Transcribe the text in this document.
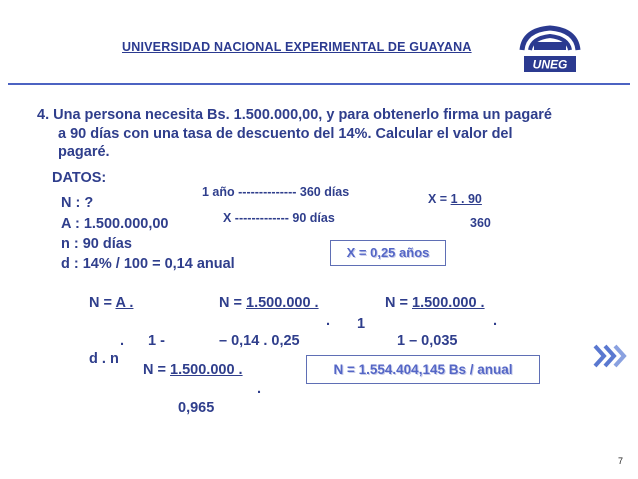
UNIVERSIDAD NACIONAL EXPERIMENTAL DE GUAYANA
UNEG
4. Una persona necesita Bs. 1.500.000,00, y para obtenerlo firma un pagaré

a 90 días con una tasa de descuento del 14%. Calcular el valor del
pagaré.
DATOS:
N : ?
A : 1.500.000,00
n : 90 días
d : 14% / 100 = 0,14 anual
1 año -------------- 360 días
X ------------- 90 días
X = 1 . 90
360
X = 0,25 años
N = A .
. 1 -
d . n
N = 1.500.000 .
. 1
– 0,14 . 0,25
N = 1.500.000 .
.
1 – 0,035
N = 1.500.000 .
.
0,965
N = 1.554.404,145 Bs / anual
7
